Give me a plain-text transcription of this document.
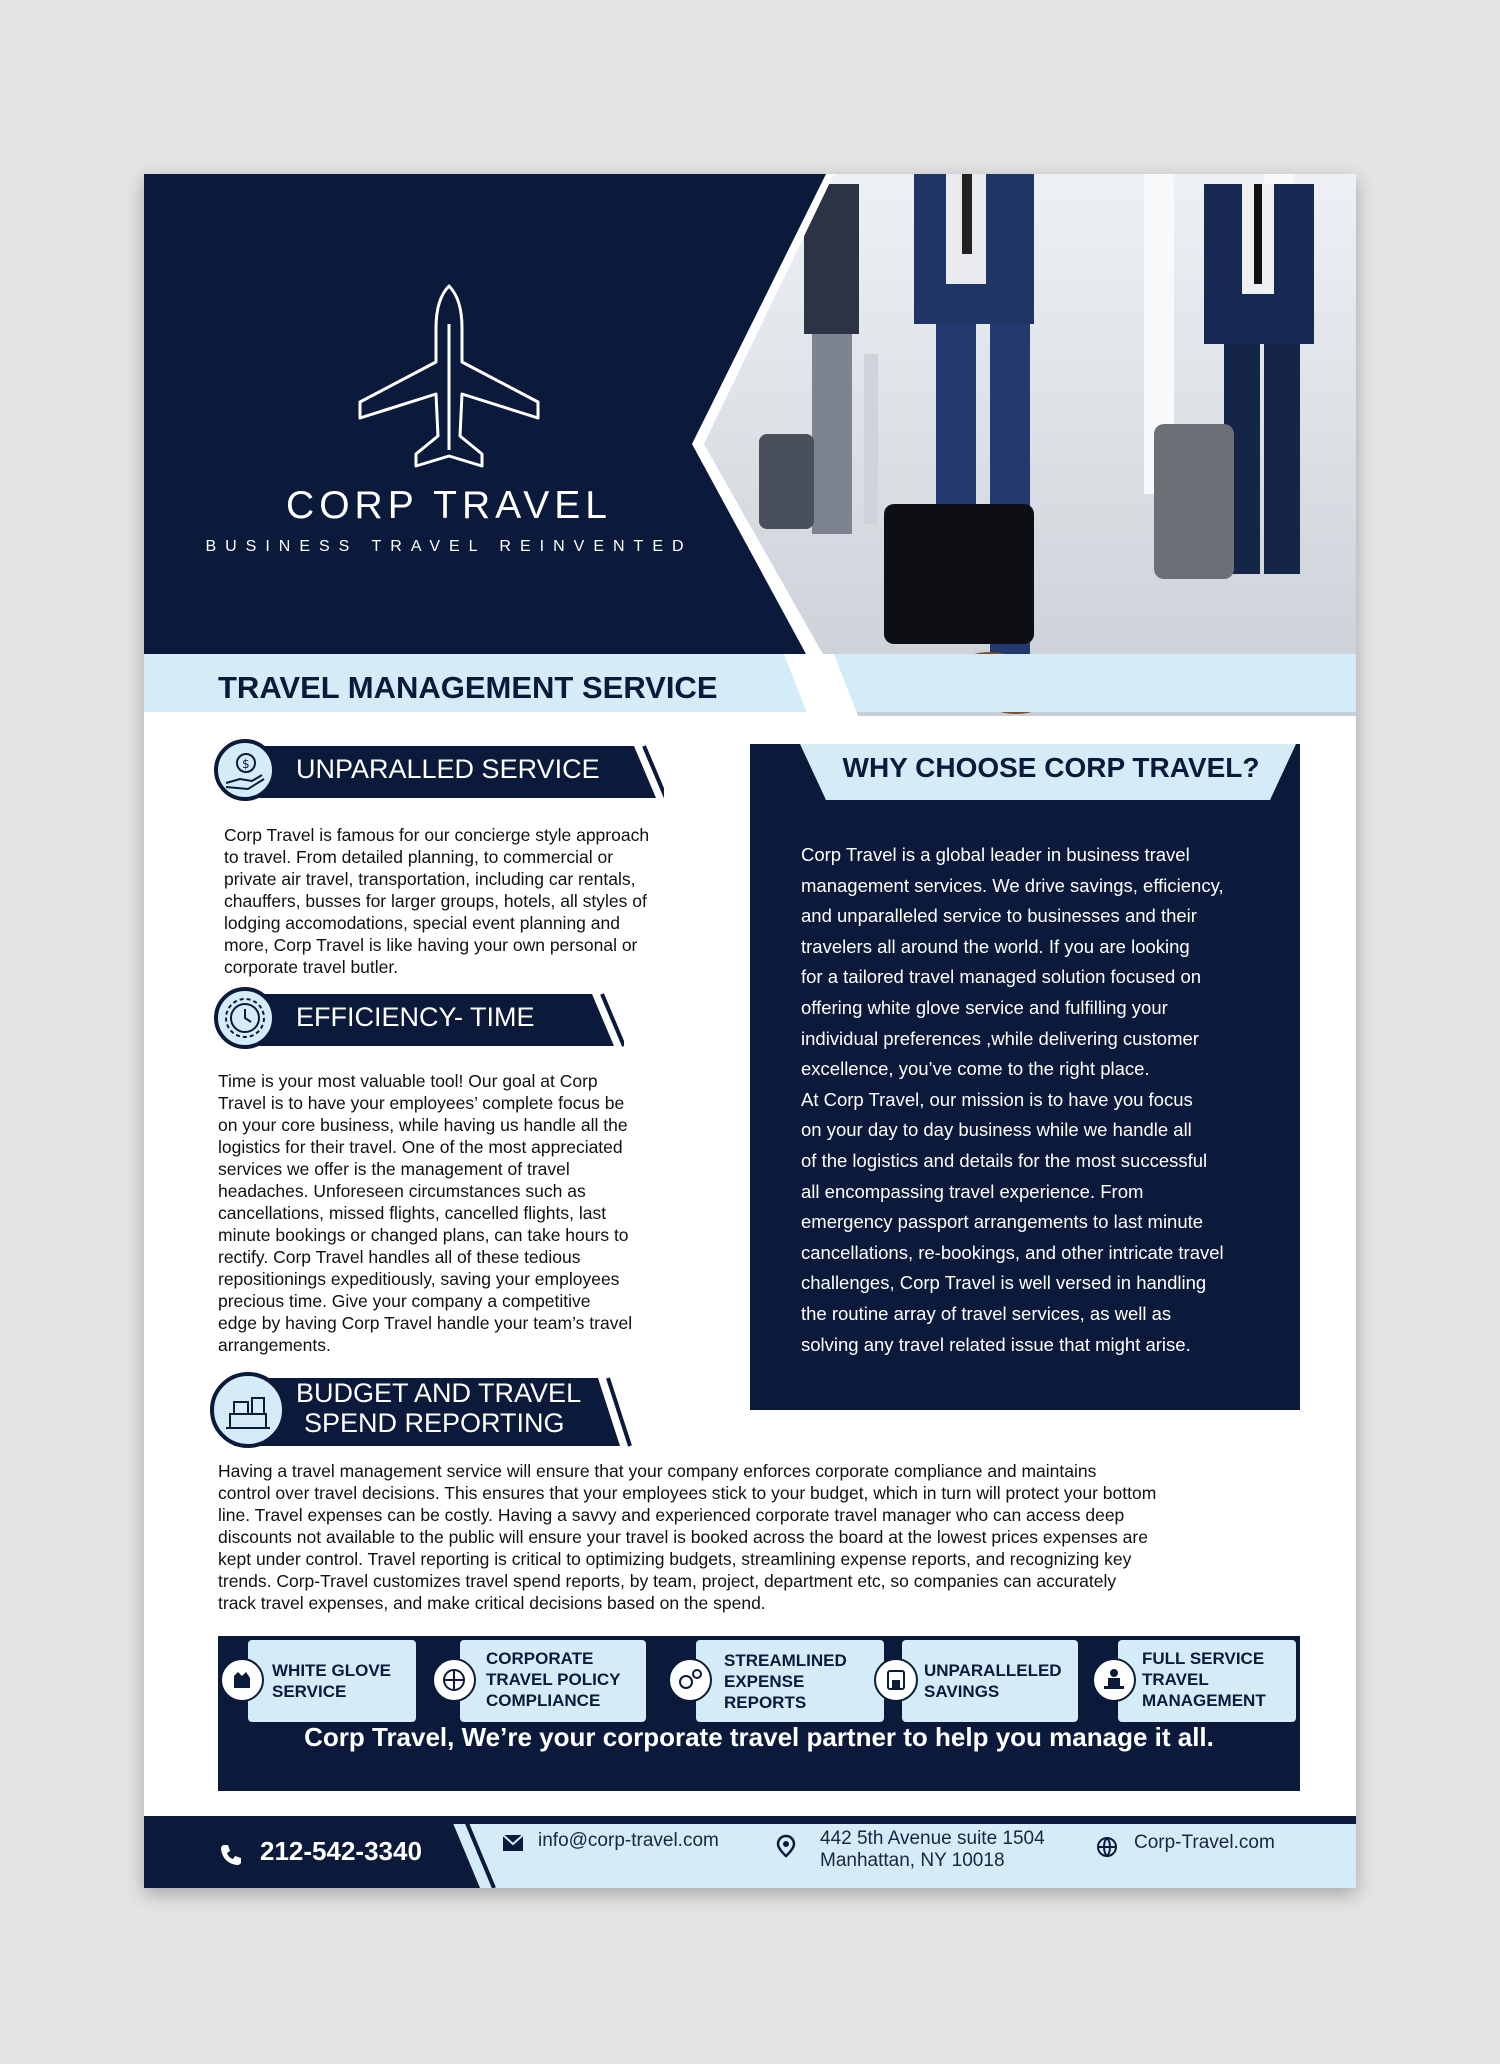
CORP TRAVEL
BUSINESS TRAVEL REINVENTED
TRAVEL MANAGEMENT SERVICE
$ UNPARALLED SERVICE
Corp Travel is famous for our concierge style approach
to travel. From detailed planning, to commercial or
private air travel, transportation, including car rentals,
chauffers, busses for larger groups, hotels, all styles of
lodging accomodations, special event planning and
more, Corp Travel is like having your own personal or
corporate travel butler.
EFFICIENCY- TIME
Time is your most valuable tool! Our goal at Corp
Travel is to have your employees’ complete focus be
on your core business, while having us handle all the
logistics for their travel. One of the most appreciated
services we offer is the management of travel
headaches. Unforeseen circumstances such as
cancellations, missed flights, cancelled flights, last
minute bookings or changed plans, can take hours to
rectify. Corp Travel handles all of these tedious
repositionings expeditiously, saving your employees
precious time. Give your company a competitive
edge by having Corp Travel handle your team’s travel
arrangements.
BUDGET AND TRAVEL
SPEND REPORTING
Having a travel management service will ensure that your company enforces corporate compliance and maintains
control over travel decisions. This ensures that your employees stick to your budget, which in turn will protect your bottom
line. Travel expenses can be costly. Having a savvy and experienced corporate travel manager who can access deep
discounts not available to the public will ensure your travel is booked across the board at the lowest prices expenses are
kept under control. Travel reporting is critical to optimizing budgets, streamlining expense reports, and recognizing key
trends. Corp-Travel customizes travel spend reports, by team, project, department etc, so companies can accurately
track travel expenses, and make critical decisions based on the spend.
Corp Travel is a global leader in business travel
management services. We drive savings, efficiency,
and unparalleled service to businesses and their
travelers all around the world. If you are looking
for a tailored travel managed solution focused on
offering white glove service and fulfilling your
individual preferences ,while delivering customer
excellence, you’ve come to the right place.
At Corp Travel, our mission is to have you focus
on your day to day business while we handle all
of the logistics and details for the most successful
all encompassing travel experience. From
emergency passport arrangements to last minute
cancellations, re-bookings, and other intricate travel
challenges, Corp Travel is well versed in handling
the routine array of travel services, as well as
solving any travel related issue that might arise.
WHY CHOOSE CORP TRAVEL?
WHITE GLOVE
SERVICE
CORPORATE
TRAVEL POLICY
COMPLIANCE
STREAMLINED
EXPENSE
REPORTS
UNPARALLELED
SAVINGS
FULL SERVICE
TRAVEL
MANAGEMENT
Corp Travel, We’re your corporate travel partner to help you manage it all.
212-542-3340	info@corp-travel.com	442 5th Avenue suite 1504
Manhattan, NY 10018
Corp-Travel.com
